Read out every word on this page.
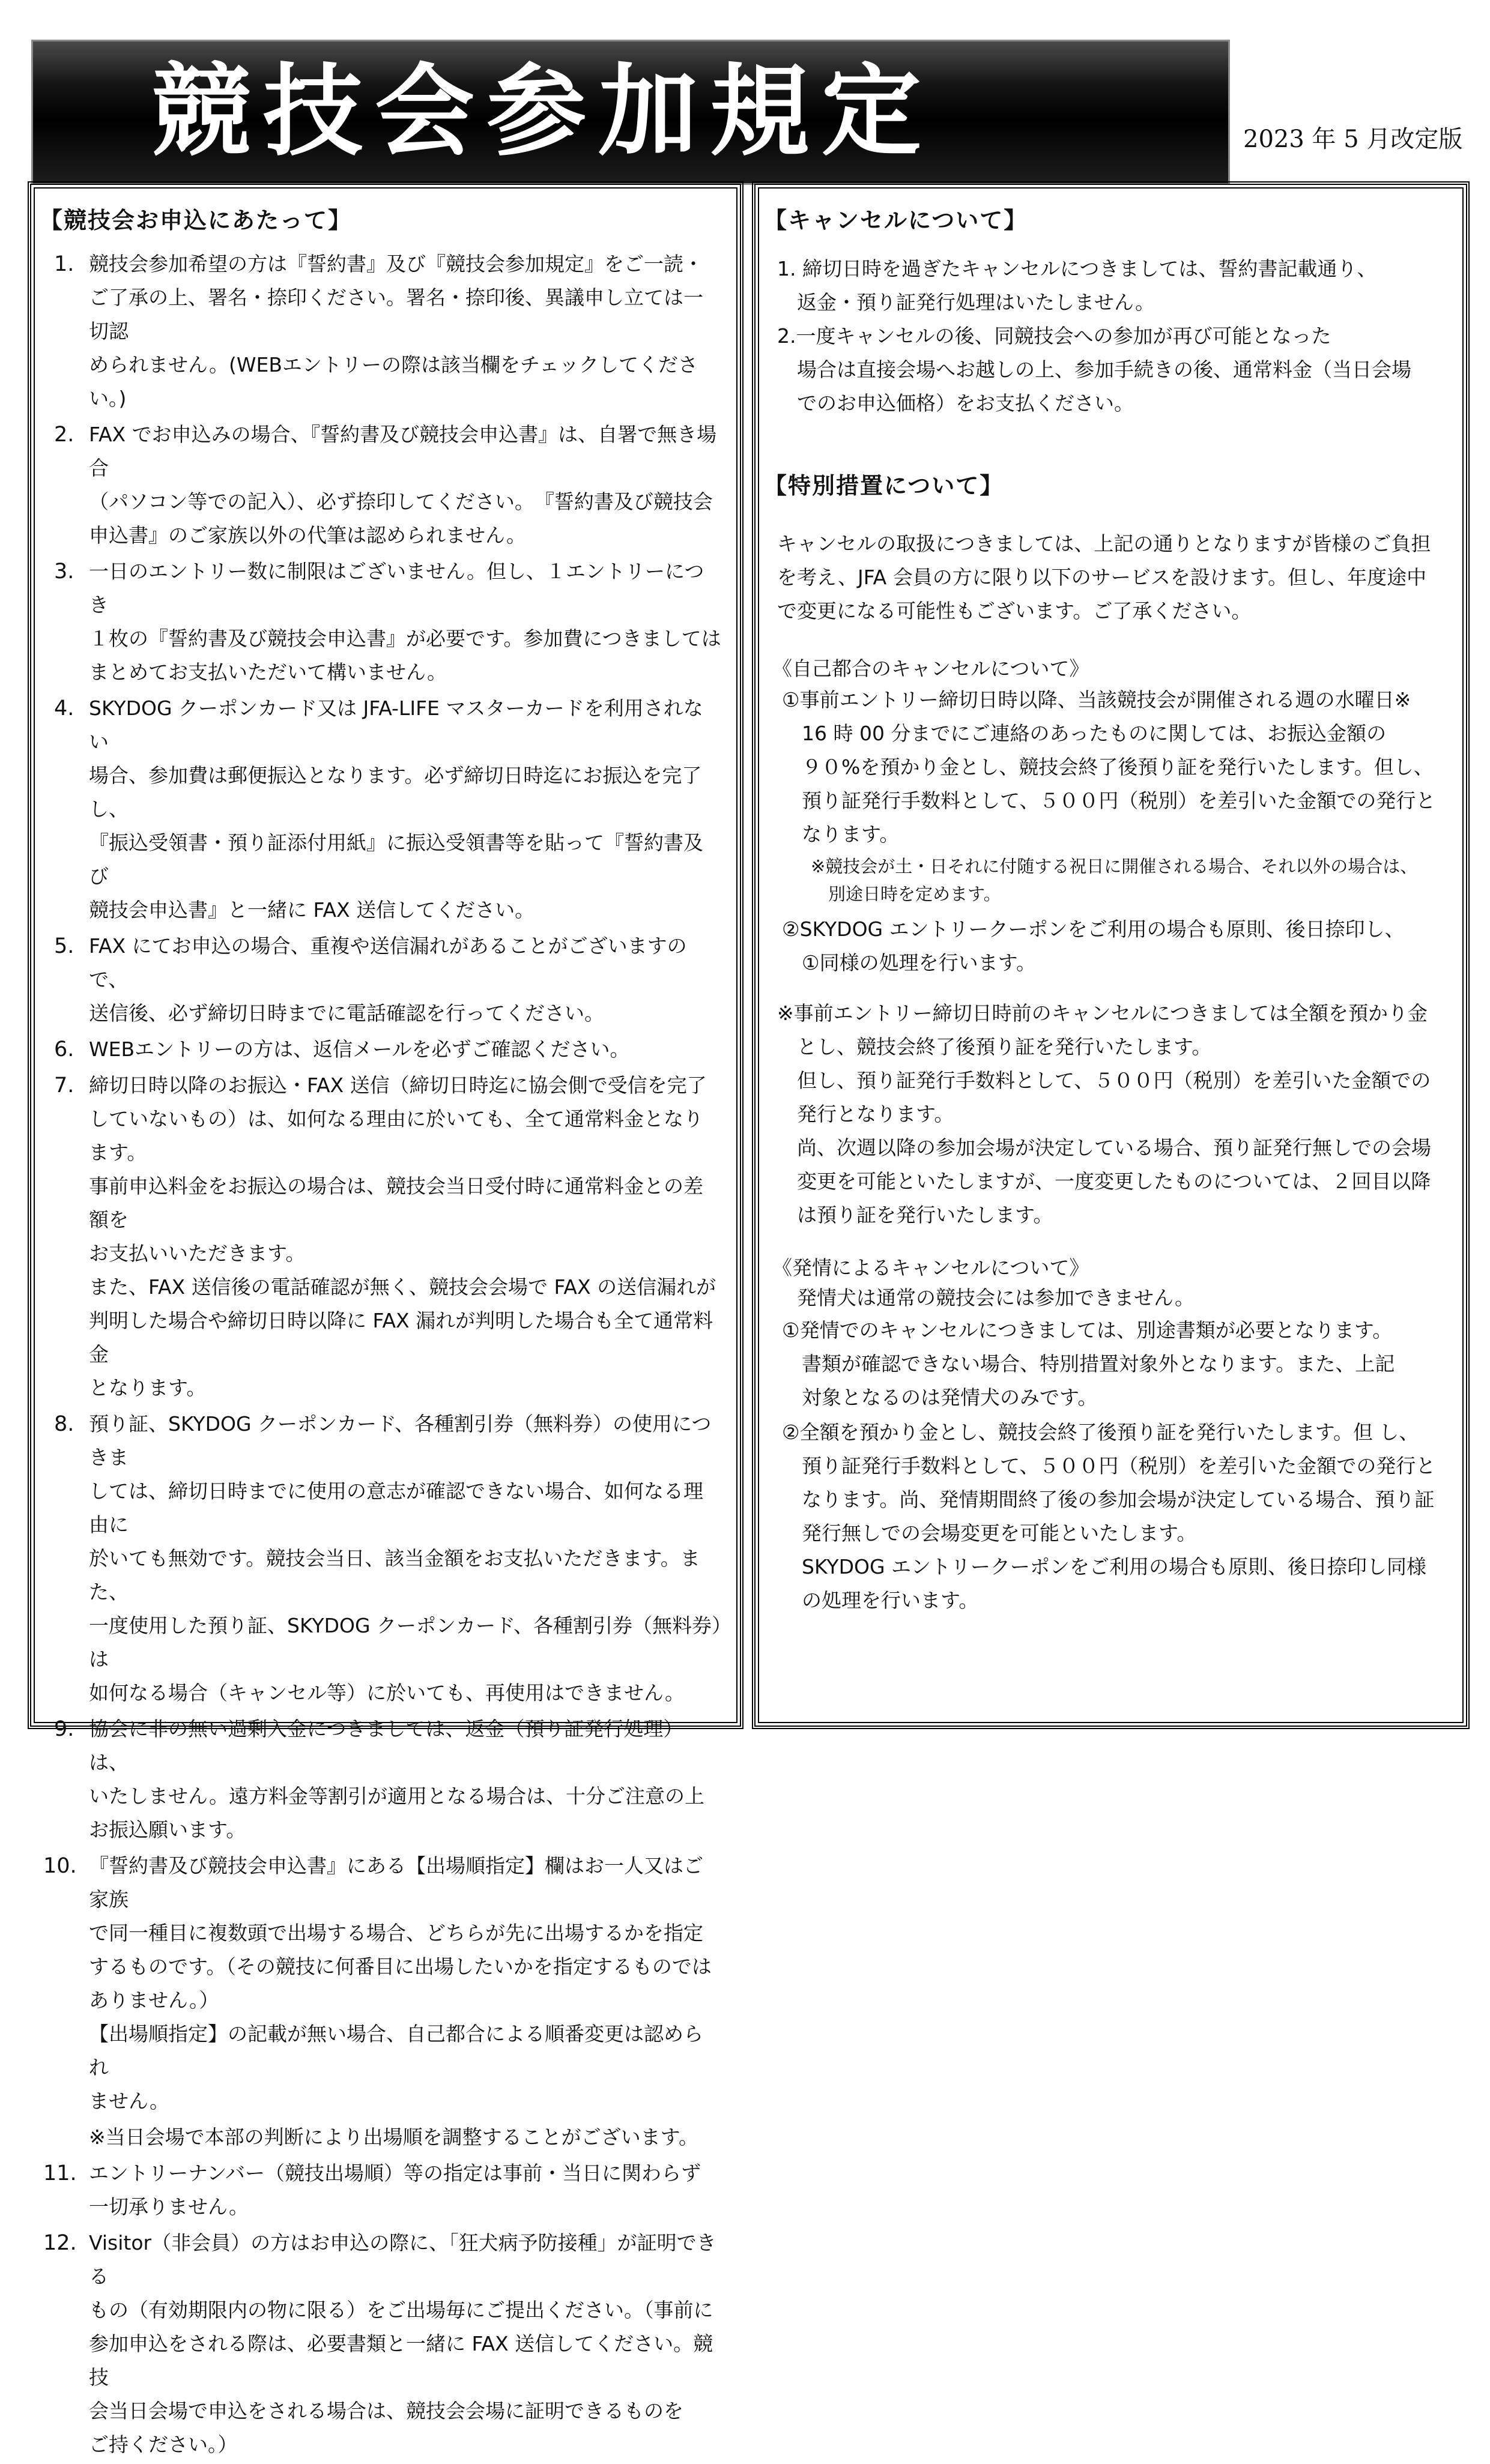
競技会参加規定	2023 年 5 月改定版
【競技会お申込にあたって】
1. 競技会参加希望の方は『誓約書』及び『競技会参加規定』をご一読・

ご了承の上、署名・捺印ください。署名・捺印後、異議申し立ては一切認

められません。(WEBエントリーの際は該当欄をチェックしてください。)

2. FAX でお申込みの場合、『誓約書及び競技会申込書』は、自署で無き場合

（パソコン等での記入）、必ず捺印してください。　『誓約書及び競技会

申込書』のご家族以外の代筆は認められません。

3. 一日のエントリー数に制限はございません。但し、１エントリーにつき

１枚の『誓約書及び競技会申込書』が必要です。参加費につきましては

まとめてお支払いただいて構いません。

4. SKYDOG クーポンカード又は JFA-LIFE マスターカードを利用されない

場合、参加費は郵便振込となります。必ず締切日時迄にお振込を完了し、

『振込受領書・預り証添付用紙』に振込受領書等を貼って『誓約書及び

競技会申込書』と一緒に FAX 送信してください。

5. FAX にてお申込の場合、重複や送信漏れがあることがございますので、

送信後、必ず締切日時までに電話確認を行ってください。

6. WEBエントリーの方は、返信メールを必ずご確認ください。

7. 締切日時以降のお振込・FAX 送信（締切日時迄に協会側で受信を完了

していないもの）は、如何なる理由に於いても、全て通常料金となります。

事前申込料金をお振込の場合は、競技会当日受付時に通常料金との差額を

お支払いいただきます。

また、FAX 送信後の電話確認が無く、競技会会場で FAX の送信漏れが

判明した場合や締切日時以降に FAX 漏れが判明した場合も全て通常料金

となります。

8. 預り証、SKYDOG クーポンカード、各種割引券（無料券）の使用につきま

しては、締切日時までに使用の意志が確認できない場合、如何なる理由に

於いても無効です。競技会当日、該当金額をお支払いただきます。また、

一度使用した預り証、SKYDOG クーポンカード、各種割引券（無料券）は

如何なる場合（キャンセル等）に於いても、再使用はできません。

9. 協会に非の無い過剰入金につきましては、返金（預り証発行処理）は、

いたしません。遠方料金等割引が適用となる場合は、十分ご注意の上

お振込願います。

10. 『誓約書及び競技会申込書』にある【出場順指定】欄はお一人又はご家族

で同一種目に複数頭で出場する場合、どちらが先に出場するかを指定

するものです。（その競技に何番目に出場したいかを指定するものでは

ありません。）

【出場順指定】の記載が無い場合、自己都合による順番変更は認められ

ません。

※当日会場で本部の判断により出場順を調整することがございます。

11. エントリーナンバー（競技出場順）等の指定は事前・当日に関わらず

一切承りません。

12. Visitor（非会員）の方はお申込の際に、「狂犬病予防接種」が証明できる

もの（有効期限内の物に限る）をご出場毎にご提出ください。（事前に

参加申込をされる際は、必要書類と一緒に FAX 送信してください。競技

会当日会場で申込をされる場合は、競技会会場に証明できるものを

ご持ください。）

【キャンセルについて】

1. 締切日時を過ぎたキャンセルにつきましては、誓約書記載通り、

　返金・預り証発行処理はいたしません。

2.一度キャンセルの後、同競技会への参加が再び可能となった

　場合は直接会場へお越しの上、参加手続きの後、通常料金（当日会場

　でのお申込価格）をお支払ください。

【特別措置について】

キャンセルの取扱につきましては、上記の通りとなりますが皆様のご負担

を考え、JFA 会員の方に限り以下のサービスを設けます。但し、年度途中

で変更になる可能性もございます。ご了承ください。

《自己都合のキャンセルについて》

①事前エントリー締切日時以降、当該競技会が開催される週の水曜日※

　16 時 00 分までにご連絡のあったものに関しては、お振込金額の

　９０%を預かり金とし、競技会終了後預り証を発行いたします。但し、

　預り証発行手数料として、５００円（税別）を差引いた金額での発行と

　なります。

※競技会が土・日それに付随する祝日に開催される場合、それ以外の場合は、

　別途日時を定めます。

②SKYDOG エントリークーポンをご利用の場合も原則、後日捺印し、

　①同様の処理を行います。

※事前エントリー締切日時前のキャンセルにつきましては全額を預かり金

　とし、競技会終了後預り証を発行いたします。

　但し、預り証発行手数料として、５００円（税別）を差引いた金額での

　発行となります。

　尚、次週以降の参加会場が決定している場合、預り証発行無しでの会場

　変更を可能といたしますが、一度変更したものについては、２回目以降

　は預り証を発行いたします。

《発情によるキャンセルについて》
　発情犬は通常の競技会には参加できません。

①発情でのキャンセルにつきましては、別途書類が必要となります。

　書類が確認できない場合、特別措置対象外となります。また、上記

　対象となるのは発情犬のみです。

②全額を預かり金とし、競技会終了後預り証を発行いたします。但 し、

　預り証発行手数料として、５００円（税別）を差引いた金額での発行と

　なります。尚、発情期間終了後の参加会場が決定している場合、預り証

　発行無しでの会場変更を可能といたします。

　SKYDOG エントリークーポンをご利用の場合も原則、後日捺印し同様

　の処理を行います。
